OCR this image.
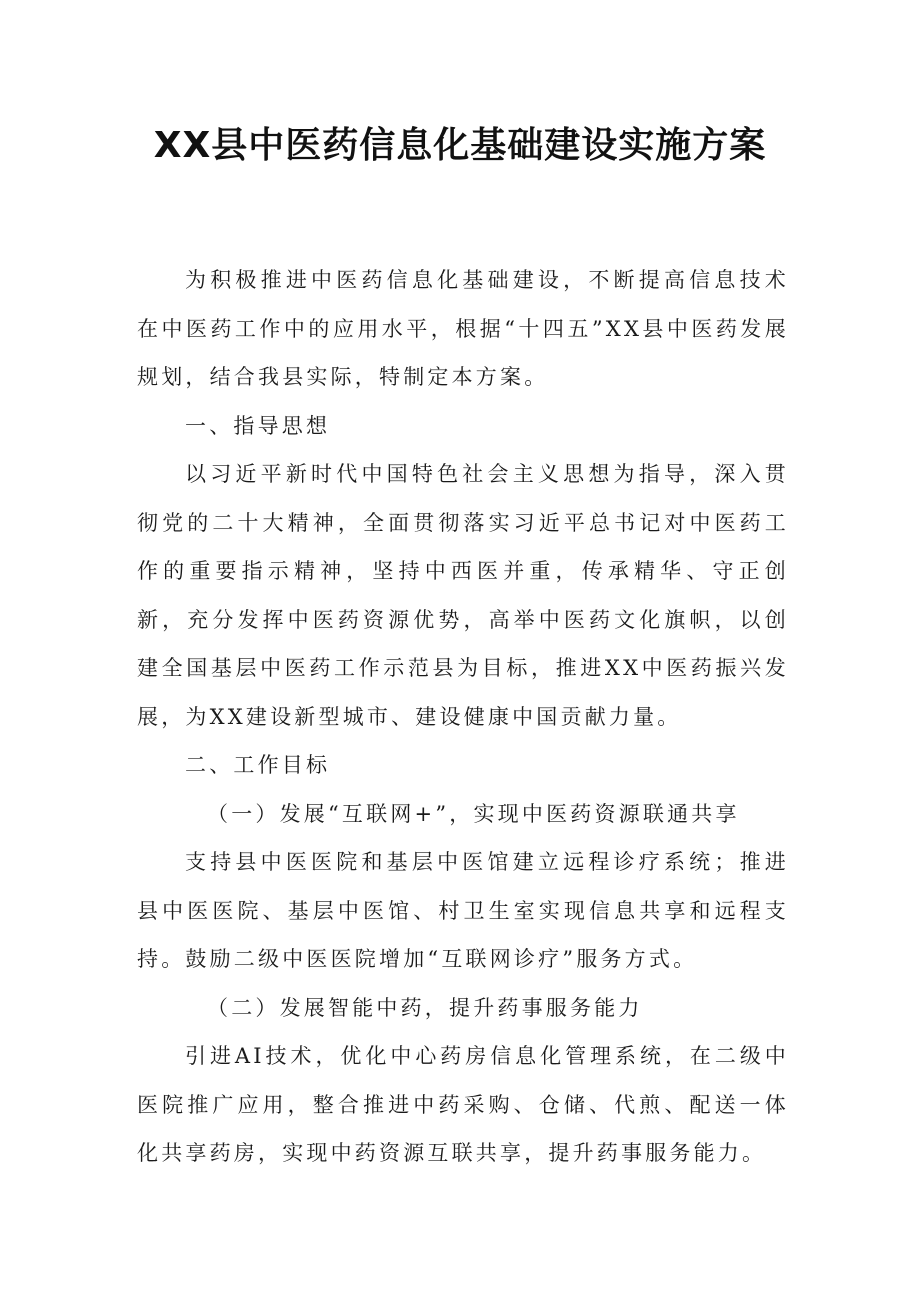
XX县中医药信息化基础建设实施方案

为积极推进中医药信息化基础建设，不断提高信息技术在中医药工作中的应用水平，根据“十四五”XX县中医药发展规划，结合我县实际，特制定本方案。

一、指导思想

以习近平新时代中国特色社会主义思想为指导，深入贯彻党的二十大精神，全面贯彻落实习近平总书记对中医药工作的重要指示精神，坚持中西医并重，传承精华、守正创新，充分发挥中医药资源优势，高举中医药文化旗帜，以创建全国基层中医药工作示范县为目标，推进XX中医药振兴发展，为XX建设新型城市、建设健康中国贡献力量。

二、工作目标

（一）发展“互联网+”，实现中医药资源联通共享

支持县中医医院和基层中医馆建立远程诊疗系统；推进县中医医院、基层中医馆、村卫生室实现信息共享和远程支持。鼓励二级中医医院增加“互联网诊疗”服务方式。

（二）发展智能中药，提升药事服务能力

引进AI技术，优化中心药房信息化管理系统，在二级中医院推广应用，整合推进中药采购、仓储、代煎、配送一体化共享药房，实现中药资源互联共享，提升药事服务能力。
